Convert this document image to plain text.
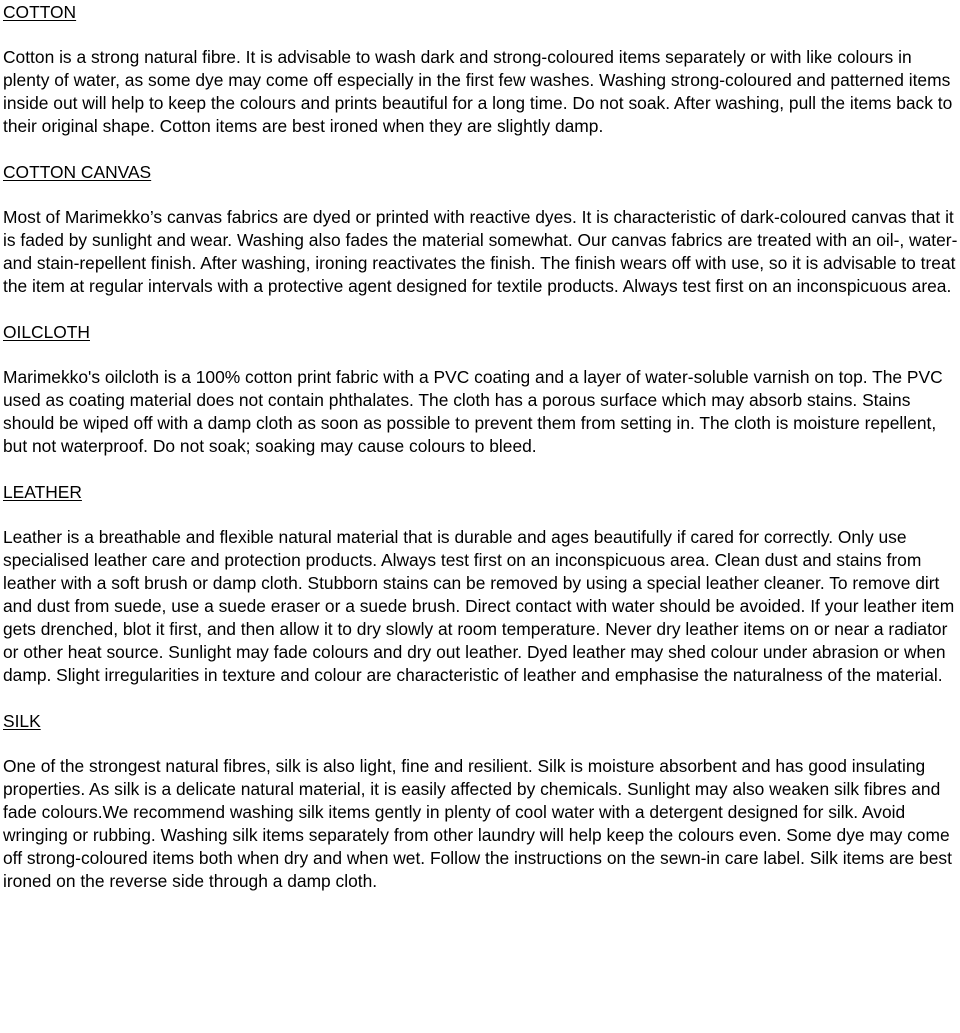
COTTON

Cotton is a strong natural fibre. It is advisable to wash dark and strong-coloured items separately or with like colours in plenty of water, as some dye may come off especially in the first few washes. Washing strong-coloured and patterned items inside out will help to keep the colours and prints beautiful for a long time. Do not soak. After washing, pull the items back to their original shape. Cotton items are best ironed when they are slightly damp.

COTTON CANVAS

Most of Marimekko’s canvas fabrics are dyed or printed with reactive dyes. It is characteristic of dark-coloured canvas that it is faded by sunlight and wear. Washing also fades the material somewhat. Our canvas fabrics are treated with an oil-, water- and stain-repellent finish. After washing, ironing reactivates the finish. The finish wears off with use, so it is advisable to treat the item at regular intervals with a protective agent designed for textile products. Always test first on an inconspicuous area.

OILCLOTH

Marimekko's oilcloth is a 100% cotton print fabric with a PVC coating and a layer of water-soluble varnish on top. The PVC used as coating material does not contain phthalates. The cloth has a porous surface which may absorb stains. Stains should be wiped off with a damp cloth as soon as possible to prevent them from setting in. The cloth is moisture repellent, but not waterproof. Do not soak; soaking may cause colours to bleed.

LEATHER

Leather is a breathable and flexible natural material that is durable and ages beautifully if cared for correctly. Only use specialised leather care and protection products. Always test first on an inconspicuous area. Clean dust and stains from leather with a soft brush or damp cloth. Stubborn stains can be removed by using a special leather cleaner. To remove dirt and dust from suede, use a suede eraser or a suede brush. Direct contact with water should be avoided. If your leather item gets drenched, blot it first, and then allow it to dry slowly at room temperature. Never dry leather items on or near a radiator or other heat source. Sunlight may fade colours and dry out leather. Dyed leather may shed colour under abrasion or when damp. Slight irregularities in texture and colour are characteristic of leather and emphasise the naturalness of the material.

SILK

One of the strongest natural fibres, silk is also light, fine and resilient. Silk is moisture absorbent and has good insulating properties. As silk is a delicate natural material, it is easily affected by chemicals. Sunlight may also weaken silk fibres and fade colours.We recommend washing silk items gently in plenty of cool water with a detergent designed for silk. Avoid wringing or rubbing. Washing silk items separately from other laundry will help keep the colours even. Some dye may come off strong-coloured items both when dry and when wet. Follow the instructions on the sewn-in care label. Silk items are best ironed on the reverse side through a damp cloth.
